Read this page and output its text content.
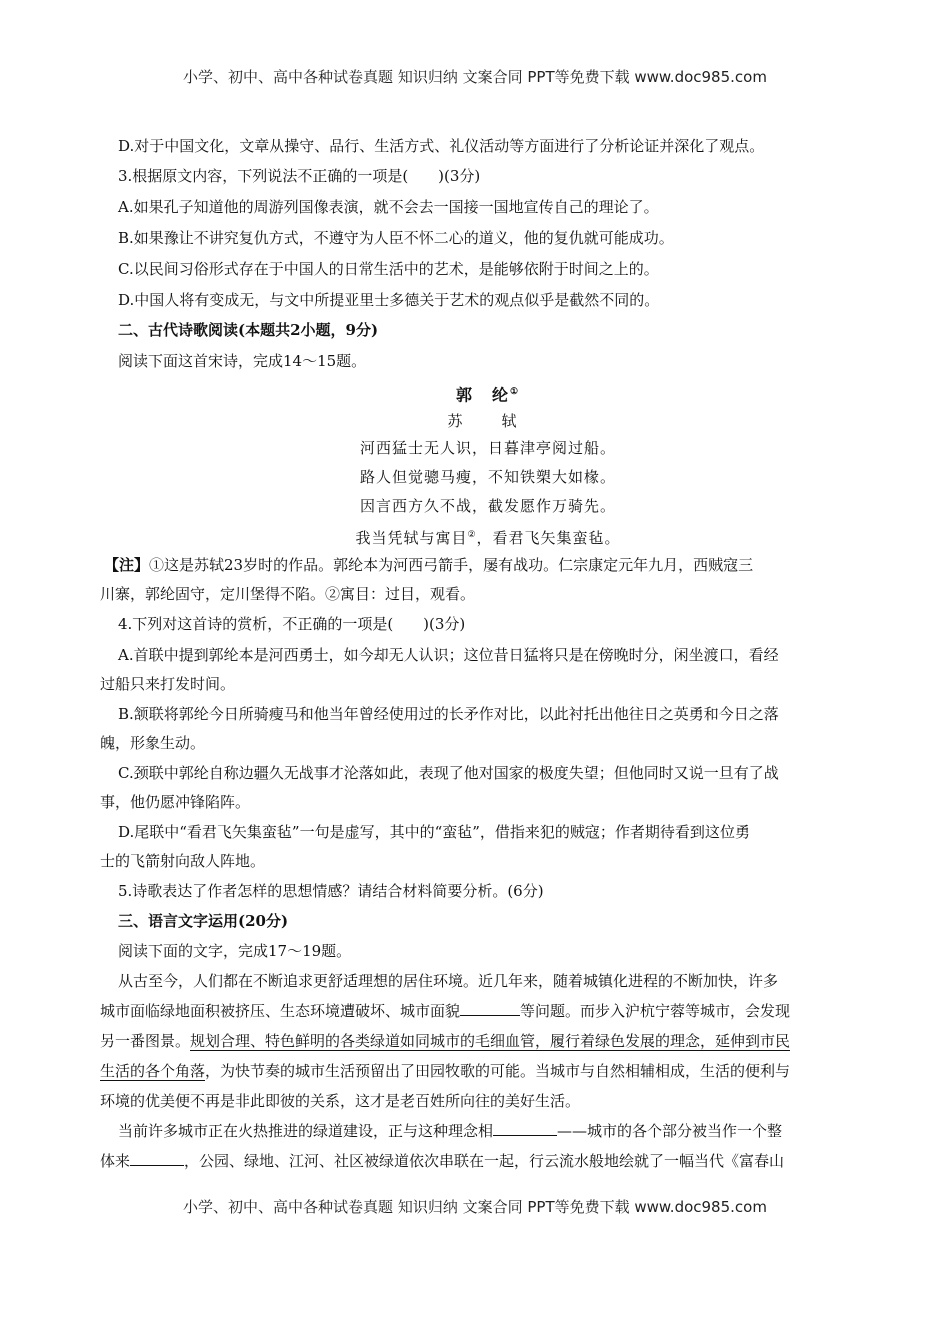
小学、初中、高中各种试卷真题 知识归纳 文案合同 PPT等免费下载 www.doc985.com
D.对于中国文化，文章从操守、品行、生活方式、礼仪活动等方面进行了分析论证并深化了观点。
3.根据原文内容，下列说法不正确的一项是(　　)(3分)
A.如果孔子知道他的周游列国像表演，就不会去一国接一国地宣传自己的理论了。
B.如果豫让不讲究复仇方式，不遵守为人臣不怀二心的道义，他的复仇就可能成功。
C.以民间习俗形式存在于中国人的日常生活中的艺术，是能够依附于时间之上的。
D.中国人将有变成无，与文中所提亚里士多德关于艺术的观点似乎是截然不同的。
二、古代诗歌阅读(本题共2小题，9分)
阅读下面这首宋诗，完成14～15题。
郭　纶①
苏　轼
河西猛士无人识，日暮津亭阅过船。
路人但觉骢马瘦，不知铁槊大如椽。
因言西方久不战，截发愿作万骑先。
我当凭轼与寓目②，看君飞矢集蛮毡。
【注】①这是苏轼23岁时的作品。郭纶本为河西弓箭手，屡有战功。仁宗康定元年九月，西贼寇三
川寨，郭纶固守，定川堡得不陷。②寓目：过目，观看。
4.下列对这首诗的赏析，不正确的一项是(　　)(3分)
A.首联中提到郭纶本是河西勇士，如今却无人认识；这位昔日猛将只是在傍晚时分，闲坐渡口，看经
过船只来打发时间。
B.颔联将郭纶今日所骑瘦马和他当年曾经使用过的长矛作对比，以此衬托出他往日之英勇和今日之落
魄，形象生动。
C.颈联中郭纶自称边疆久无战事才沦落如此，表现了他对国家的极度失望；但他同时又说一旦有了战
事，他仍愿冲锋陷阵。
D.尾联中“看君飞矢集蛮毡”一句是虚写，其中的“蛮毡”，借指来犯的贼寇；作者期待看到这位勇
士的飞箭射向敌人阵地。
5.诗歌表达了作者怎样的思想情感？请结合材料简要分析。(6分)
三、语言文字运用(20分)
阅读下面的文字，完成17～19题。
从古至今，人们都在不断追求更舒适理想的居住环境。近几年来，随着城镇化进程的不断加快，许多
城市面临绿地面积被挤压、生态环境遭破坏、城市面貌	等问题。而步入沪杭宁蓉等城市，会发现
另一番图景。规划合理、特色鲜明的各类绿道如同城市的毛细血管，履行着绿色发展的理念，延伸到市民
生活的各个角落，为快节奏的城市生活预留出了田园牧歌的可能。当城市与自然相辅相成，生活的便利与
环境的优美便不再是非此即彼的关系，这才是老百姓所向往的美好生活。
当前许多城市正在火热推进的绿道建设，正与这种理念相	——城市的各个部分被当作一个整
体来	，公园、绿地、江河、社区被绿道依次串联在一起，行云流水般地绘就了一幅当代《富春山
小学、初中、高中各种试卷真题 知识归纳 文案合同 PPT等免费下载 www.doc985.com
